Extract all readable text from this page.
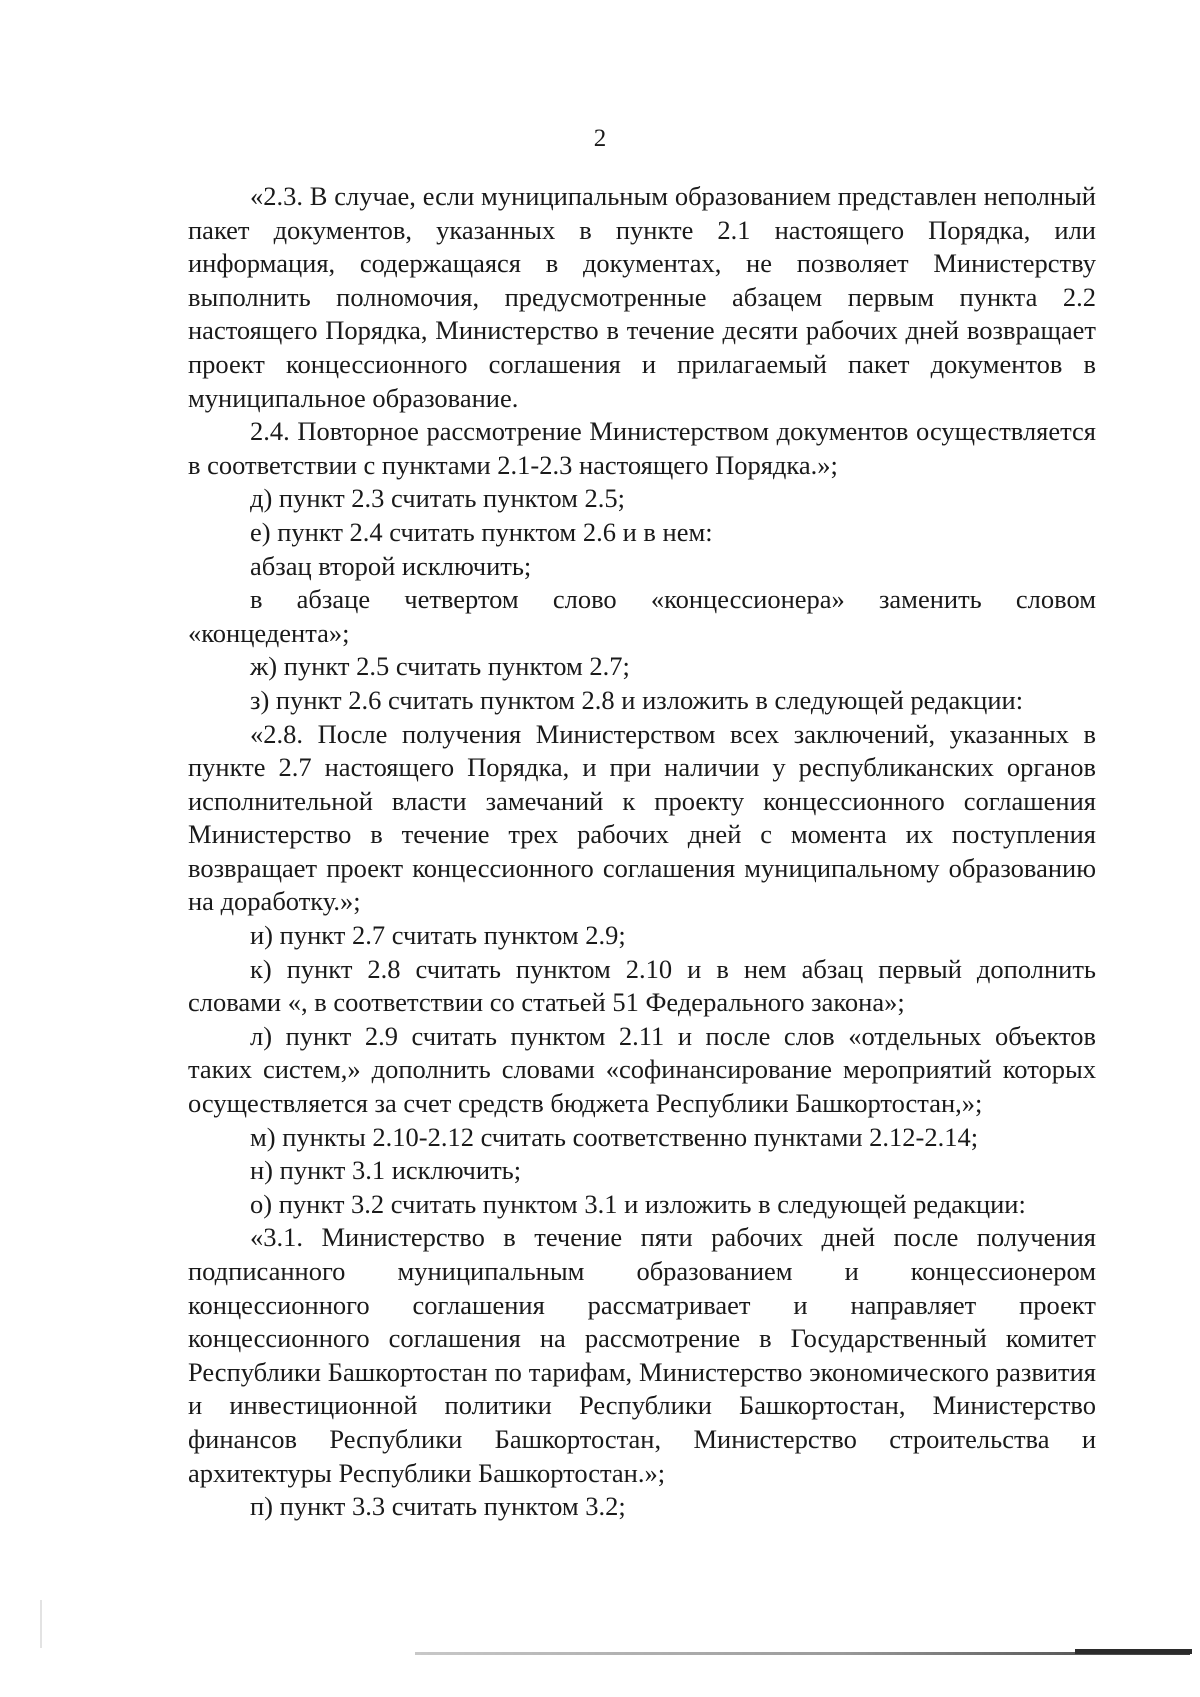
2

«2.3. В случае, если муниципальным образованием представлен неполный пакет документов, указанных в пункте 2.1 настоящего Порядка, или информация, содержащаяся в документах, не позволяет Министерству выполнить полномочия, предусмотренные абзацем первым пункта 2.2 настоящего Порядка, Министерство в течение десяти рабочих дней возвращает проект концессионного соглашения и прилагаемый пакет документов в муниципальное образование.

2.4. Повторное рассмотрение Министерством документов осуществляется в соответствии с пунктами 2.1-2.3 настоящего Порядка.»;

д) пункт 2.3 считать пунктом 2.5;

е) пункт 2.4 считать пунктом 2.6 и в нем:

абзац второй исключить;

в абзаце четвертом слово «концессионера» заменить словом «концедента»;

ж) пункт 2.5 считать пунктом 2.7;

з) пункт 2.6 считать пунктом 2.8 и изложить в следующей редакции:

«2.8. После получения Министерством всех заключений, указанных в пункте 2.7 настоящего Порядка, и при наличии у республиканских органов исполнительной власти замечаний к проекту концессионного соглашения Министерство в течение трех рабочих дней с момента их поступления возвращает проект концессионного соглашения муниципальному образованию на доработку.»;

и) пункт 2.7 считать пунктом 2.9;

к) пункт 2.8 считать пунктом 2.10 и в нем абзац первый дополнить словами «, в соответствии со статьей 51 Федерального закона»;

л) пункт 2.9 считать пунктом 2.11 и после слов «отдельных объектов таких систем,» дополнить словами «софинансирование мероприятий которых осуществляется за счет средств бюджета Республики Башкортостан,»;

м) пункты 2.10-2.12 считать соответственно пунктами 2.12-2.14;

н) пункт 3.1 исключить;

о) пункт 3.2 считать пунктом 3.1 и изложить в следующей редакции:

«3.1. Министерство в течение пяти рабочих дней после получения подписанного муниципальным образованием и концессионером концессионного соглашения рассматривает и направляет проект концессионного соглашения на рассмотрение в Государственный комитет Республики Башкортостан по тарифам, Министерство экономического развития и инвестиционной политики Республики Башкортостан, Министерство финансов Республики Башкортостан, Министерство строительства и архитектуры Республики Башкортостан.»;

п) пункт 3.3 считать пунктом 3.2;
